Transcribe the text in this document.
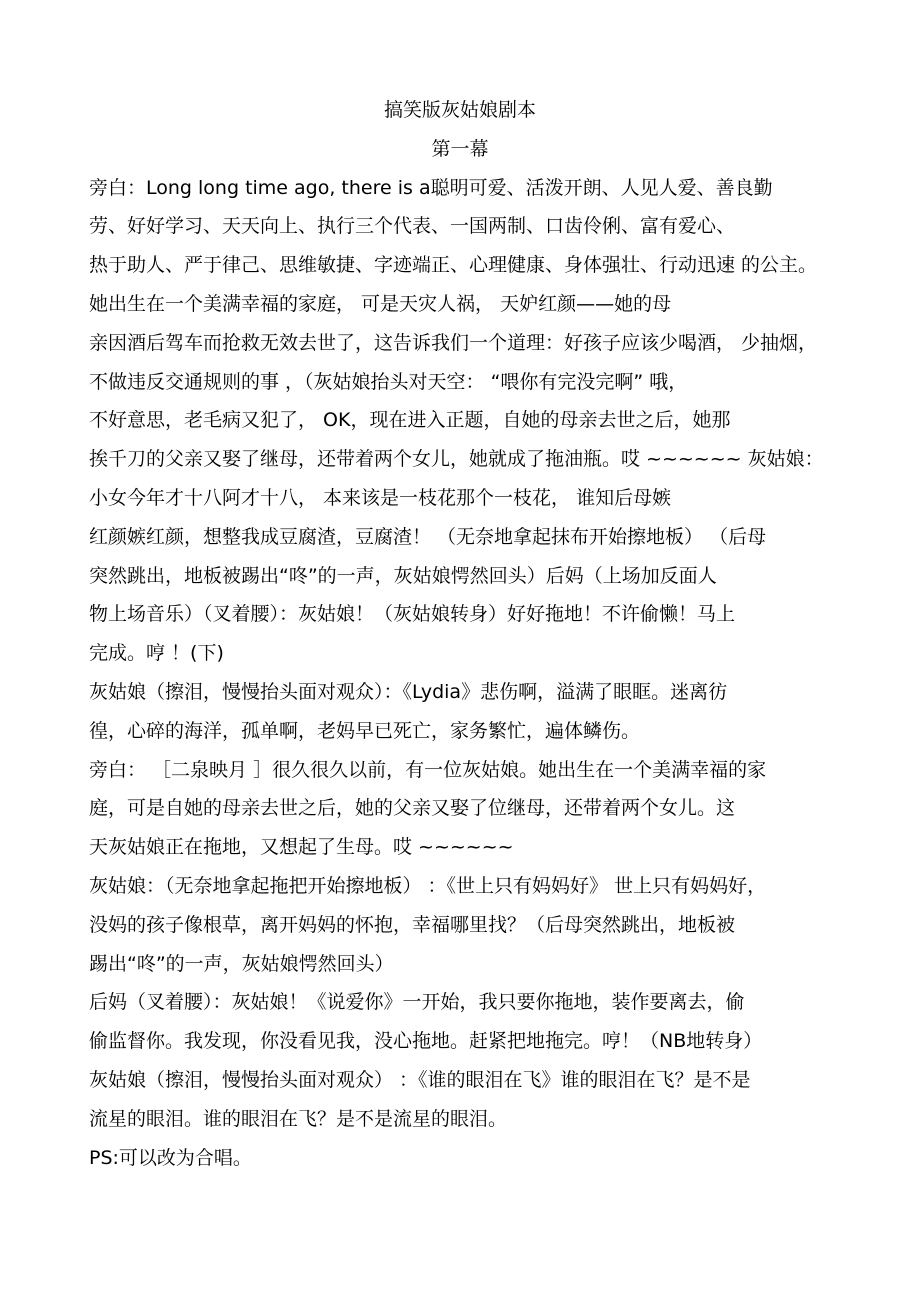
搞笑版灰姑娘剧本
第一幕
旁白：Long long time ago, there is a聪明可爱、活泼开朗、人见人爱、善良勤
劳、好好学习、天天向上、执行三个代表、一国两制、口齿伶俐、富有爱心、
热于助人、严于律己、思维敏捷、字迹端正、心理健康、身体强壮、行动迅速 的公主。
她出生在一个美满幸福的家庭， 可是天灾人祸， 天妒红颜——她的母
亲因酒后驾车而抢救无效去世了，这告诉我们一个道理：好孩子应该少喝酒， 少抽烟，
不做违反交通规则的事 ，（灰姑娘抬头对天空： “喂你有完没完啊” 哦，
不好意思，老毛病又犯了， OK，现在进入正题，自她的母亲去世之后，她那
挨千刀的父亲又娶了继母，还带着两个女儿，她就成了拖油瓶。哎 ~~~~~~ 灰姑娘：
小女今年才十八阿才十八， 本来该是一枝花那个一枝花， 谁知后母嫉
红颜嫉红颜，想整我成豆腐渣，豆腐渣！ （无奈地拿起抹布开始擦地板） （后母
突然跳出，地板被踢出“咚”的一声，灰姑娘愕然回头）后妈（上场加反面人
物上场音乐）（叉着腰）：灰姑娘！（灰姑娘转身）好好拖地！不许偷懒！马上
完成。哼 ！(下)
灰姑娘（擦泪，慢慢抬头面对观众）：《Lydia》悲伤啊，溢满了眼眶。迷离彷
徨，心碎的海洋，孤单啊，老妈早已死亡，家务繁忙，遍体鳞伤。
旁白： ［二泉映月 ］很久很久以前，有一位灰姑娘。她出生在一个美满幸福的家
庭，可是自她的母亲去世之后，她的父亲又娶了位继母，还带着两个女儿。这
天灰姑娘正在拖地，又想起了生母。哎 ~~~~~~
灰姑娘：（无奈地拿起拖把开始擦地板） ：《世上只有妈妈好》 世上只有妈妈好，
没妈的孩子像根草，离开妈妈的怀抱，幸福哪里找？（后母突然跳出，地板被
踢出“咚”的一声，灰姑娘愕然回头）
后妈（叉着腰）：灰姑娘！《说爱你》一开始，我只要你拖地，装作要离去，偷
偷监督你。我发现，你没看见我，没心拖地。赶紧把地拖完。哼！（NB地转身）
灰姑娘（擦泪，慢慢抬头面对观众） ：《谁的眼泪在飞》谁的眼泪在飞？是不是
流星的眼泪。谁的眼泪在飞？是不是流星的眼泪。
PS:可以改为合唱。
